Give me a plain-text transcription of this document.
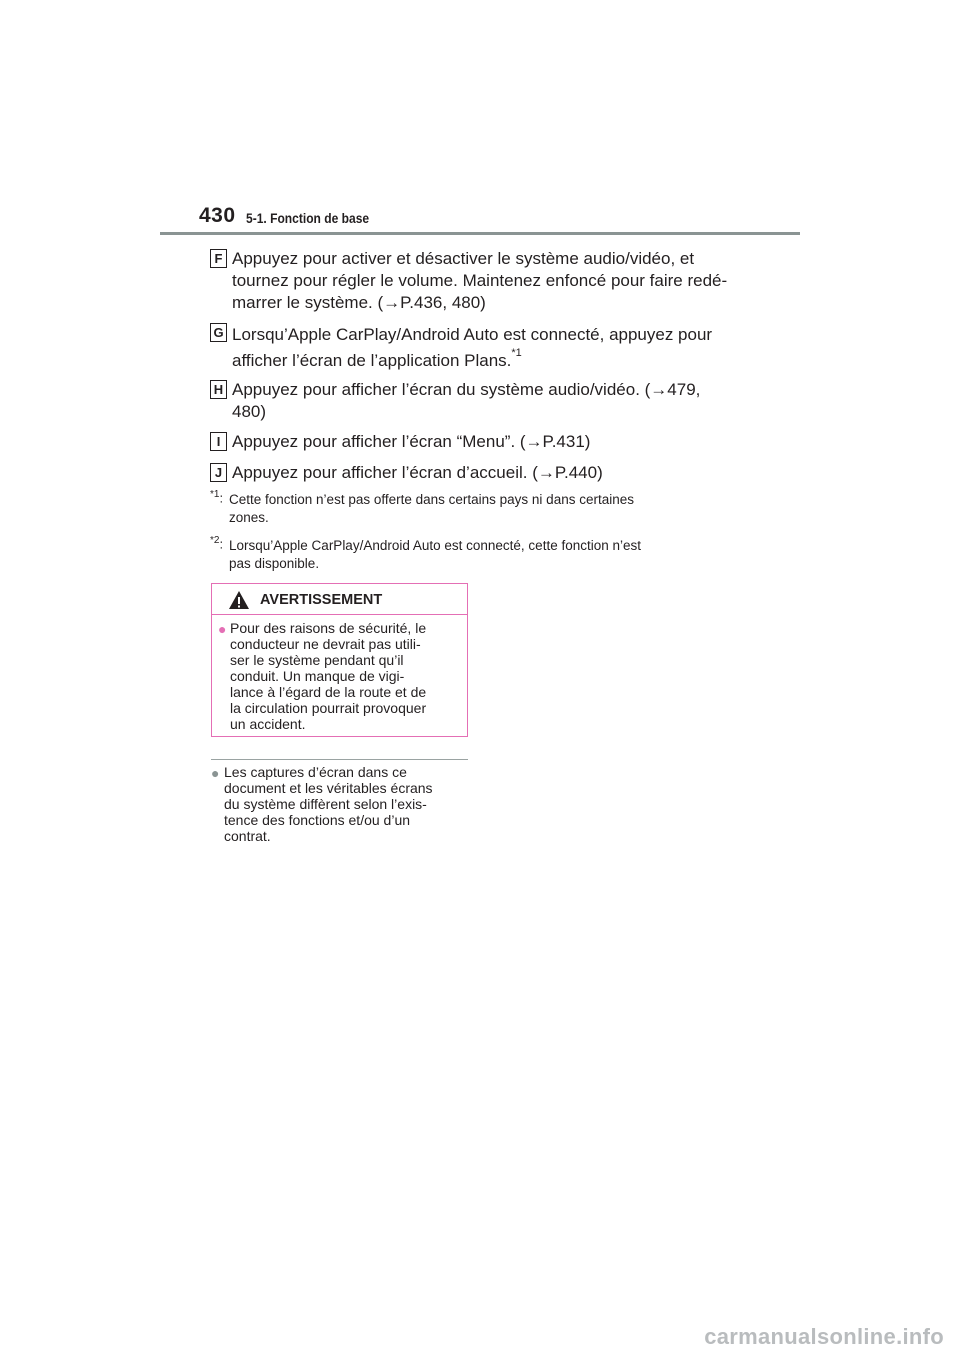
430 5-1. Fonction de base
F Appuyez pour activer et désactiver le système audio/vidéo, et
tournez pour régler le volume. Maintenez enfoncé pour faire redé-
marrer le système. (→P.436, 480)
G Lorsqu’Apple CarPlay/Android Auto est connecté, appuyez pour
afficher l’écran de l’application Plans.$^{*1}$
H Appuyez pour afficher l’écran du système audio/vidéo. (→479,
480)
I Appuyez pour afficher l’écran “Menu”. (→P.431)
J Appuyez pour afficher l’écran d’accueil. (→P.440)
$^{*1}$: Cette fonction n’est pas offerte dans certains pays ni dans certaines
zones.
$^{*2}$: Lorsqu’Apple CarPlay/Android Auto est connecté, cette fonction n’est
pas disponible.
AVERTISSEMENT
● Pour des raisons de sécurité, le
conducteur ne devrait pas utili-
ser le système pendant qu’il
conduit. Un manque de vigi-
lance à l’égard de la route et de
la circulation pourrait provoquer
un accident.
● Les captures d’écran dans ce
document et les véritables écrans
du système diffèrent selon l’exis-
tence des fonctions et/ou d’un
contrat.
carmanualsonline.info
